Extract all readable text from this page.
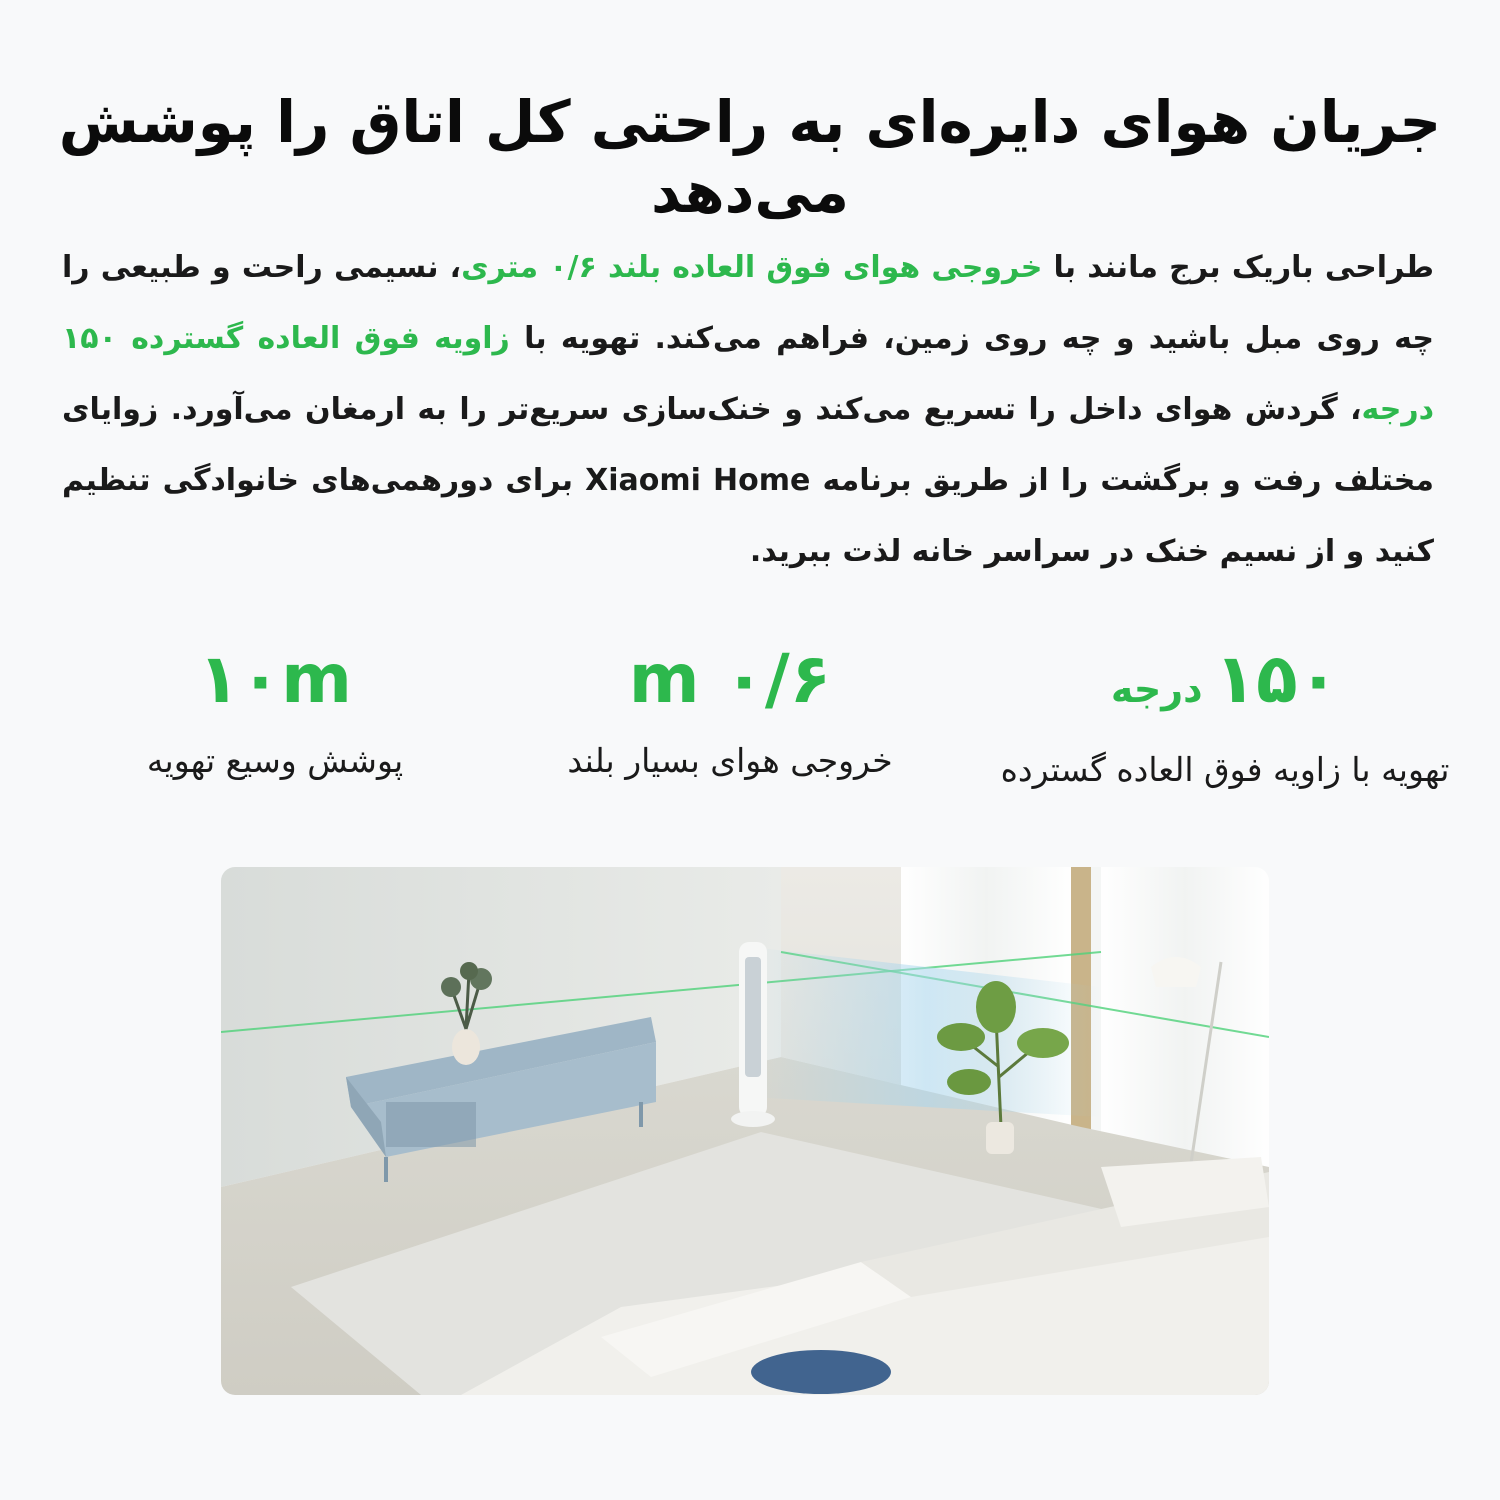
جریان هوای دایره‌ای به راحتی کل اتاق را پوشش می‌دهد
طراحی باریک برج مانند با خروجی هوای فوق العاده بلند ۰/۶ متری، نسیمی راحت و طبیعی را چه روی مبل باشید و چه روی زمین، فراهم می‌کند. تهویه با زاویه فوق العاده گسترده ۱۵۰ درجه، گردش هوای داخل را تسریع می‌کند و خنک‌سازی سریع‌تر را به ارمغان می‌آورد. زوایای مختلف رفت و برگشت را از طریق برنامه Xiaomi Home برای دورهمی‌های خانوادگی تنظیم کنید و از نسیم خنک در سراسر خانه لذت ببرید.
۱۵۰درجه
تهویه با زاویه فوق العاده گسترده
۰/۶ m
خروجی هوای بسیار بلند
۱۰m
پوشش وسیع تهویه
